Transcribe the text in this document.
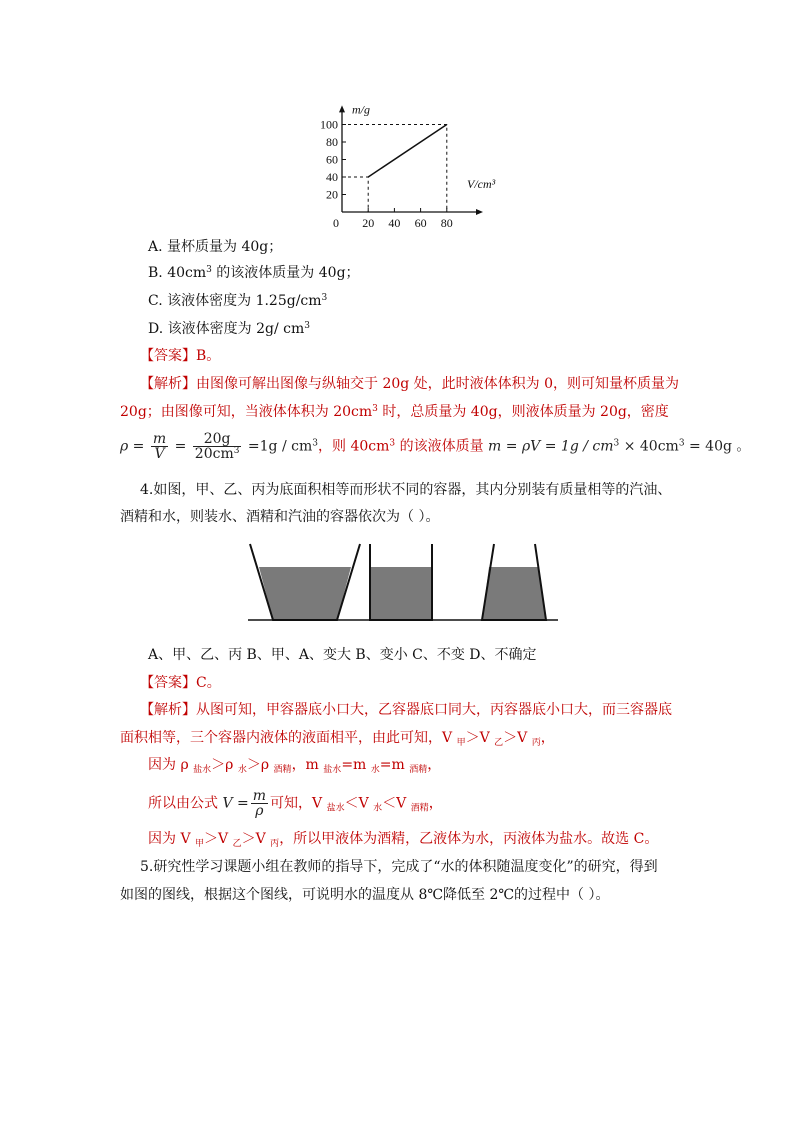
20
40
60
80
100
0 20 40 60 80
m/g
V/cm³
A. 量杯质量为 40g；
B. $40cm^3$ 的该液体质量为 40g；
C. 该液体密度为 $1.25g/cm^3$
D. 该液体密度为 2g/ $cm^3$
【答案】B。
【解析】由图像可解出图像与纵轴交于 20g 处，此时液体体积为 0，则可知量杯质量为
20g；由图像可知，当液体体积为 $20cm^3$ 时，总质量为 40g，则液体质量为 20g，密度
$\rho = \frac{m}{V} = \frac{20g}{20cm^3} =1g / cm^3$，则 $40cm^3$ 的该液体质量 $m = \rho V = 1g / cm^3 \times 40cm^3 = 40g$ 。
4.如图，甲、乙、丙为底面积相等而形状不同的容器，其内分别装有质量相等的汽油、
酒精和水，则装水、酒精和汽油的容器依次为（ ）。
A、甲、乙、丙 B、甲、A、变大 B、变小 C、不变 D、不确定
【答案】C。
【解析】从图可知，甲容器底小口大，乙容器底口同大，丙容器底小口大，而三容器底
面积相等，三个容器内液体的液面相平，由此可知，V $_甲$＞V $_乙$＞V $_丙$，
因为 ρ $_{盐水}$＞ρ $_水$＞ρ $_{酒精}$，m $_{盐水}$=m $_水$=m $_{酒精}$，
所以由公式 $V = \frac{m}{\rho}$ 可知，V $_{盐水}$＜V $_水$＜V $_{酒精}$，
因为 V $_甲$＞V $_乙$＞V $_丙$，所以甲液体为酒精，乙液体为水，丙液体为盐水。故选 C。
5.研究性学习课题小组在教师的指导下，完成了“水的体积随温度变化”的研究，得到
如图的图线，根据这个图线，可说明水的温度从 8℃降低至 2℃的过程中（ ）。
